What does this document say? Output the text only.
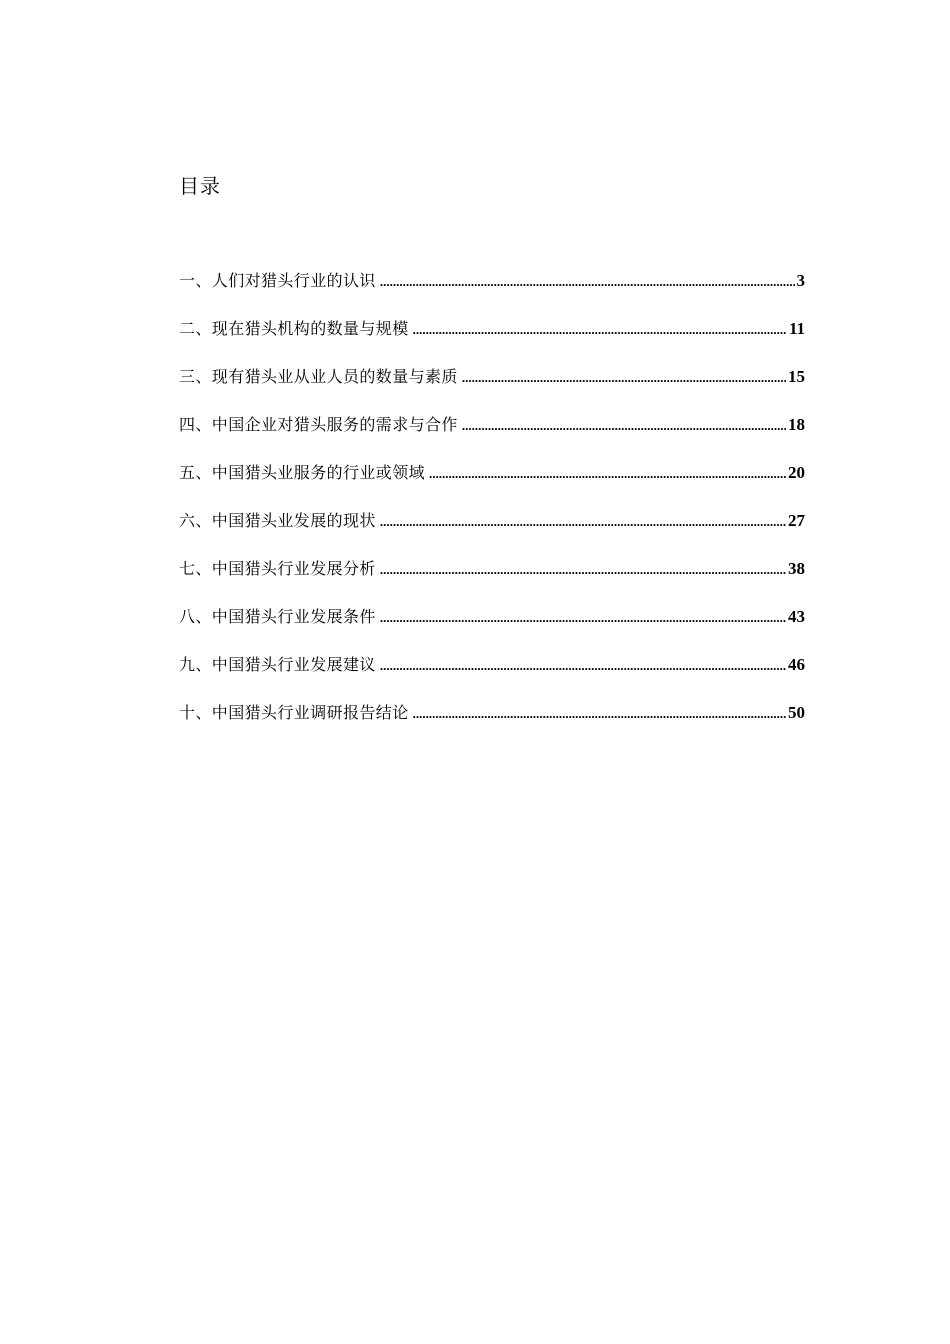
目录
一、人们对猎头行业的认识 .....	3
二、现在猎头机构的数量与规模 .....	11
三、现有猎头业从业人员的数量与素质 .....	15
四、中国企业对猎头服务的需求与合作 .....	18
五、中国猎头业服务的行业或领域 .....	20
六、中国猎头业发展的现状 .....	27
七、中国猎头行业发展分析 .....	38
八、中国猎头行业发展条件 .....	43
九、中国猎头行业发展建议 .....	46
十、中国猎头行业调研报告结论 .....	50
